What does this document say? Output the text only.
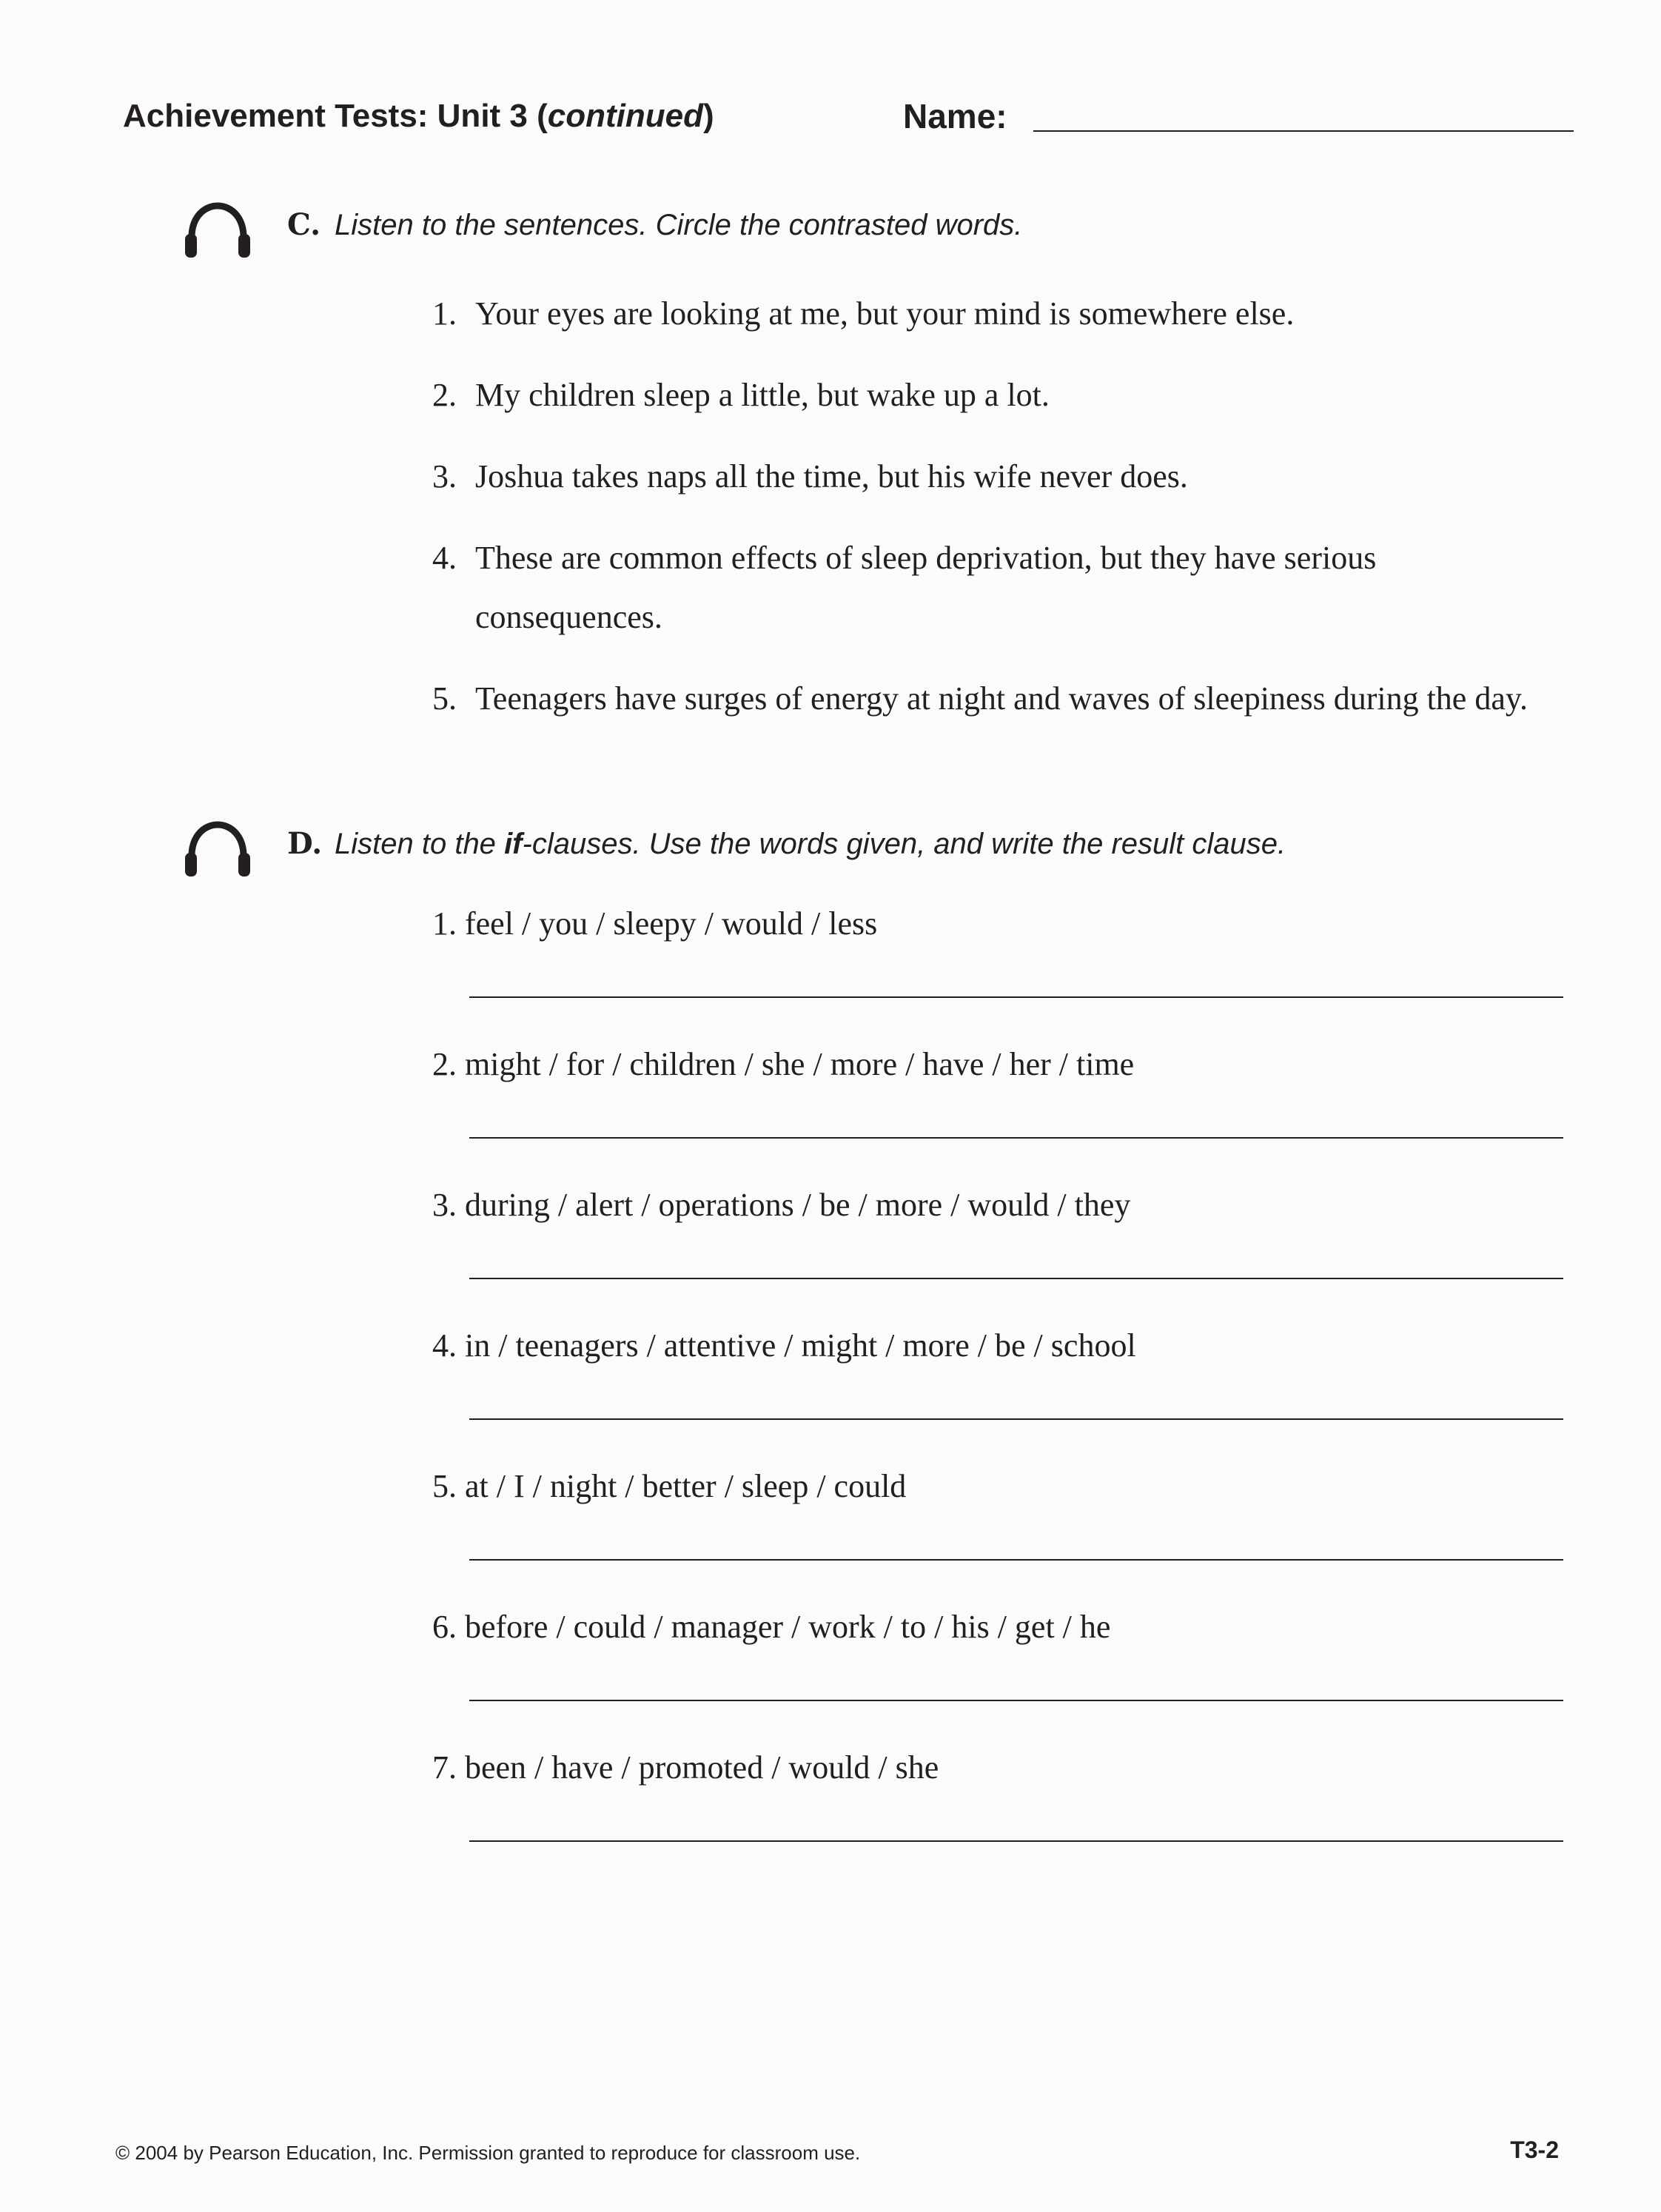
Achievement Tests: Unit 3 (continued)	Name:
C. Listen to the sentences. Circle the contrasted words.
1. Your eyes are looking at me, but your mind is somewhere else.
2. My children sleep a little, but wake up a lot.
3. Joshua takes naps all the time, but his wife never does.
4. These are common effects of sleep deprivation, but they have serious consequences.
5. Teenagers have surges of energy at night and waves of sleepiness during the day.
D. Listen to the if-clauses. Use the words given, and write the result clause.
1. feel / you / sleepy / would / less
2. might / for / children / she / more / have / her / time
3. during / alert / operations / be / more / would / they
4. in / teenagers / attentive / might / more / be / school
5. at / I / night / better / sleep / could
6. before / could / manager / work / to / his / get / he
7. been / have / promoted / would / she
© 2004 by Pearson Education, Inc. Permission granted to reproduce for classroom use.	T3-2
